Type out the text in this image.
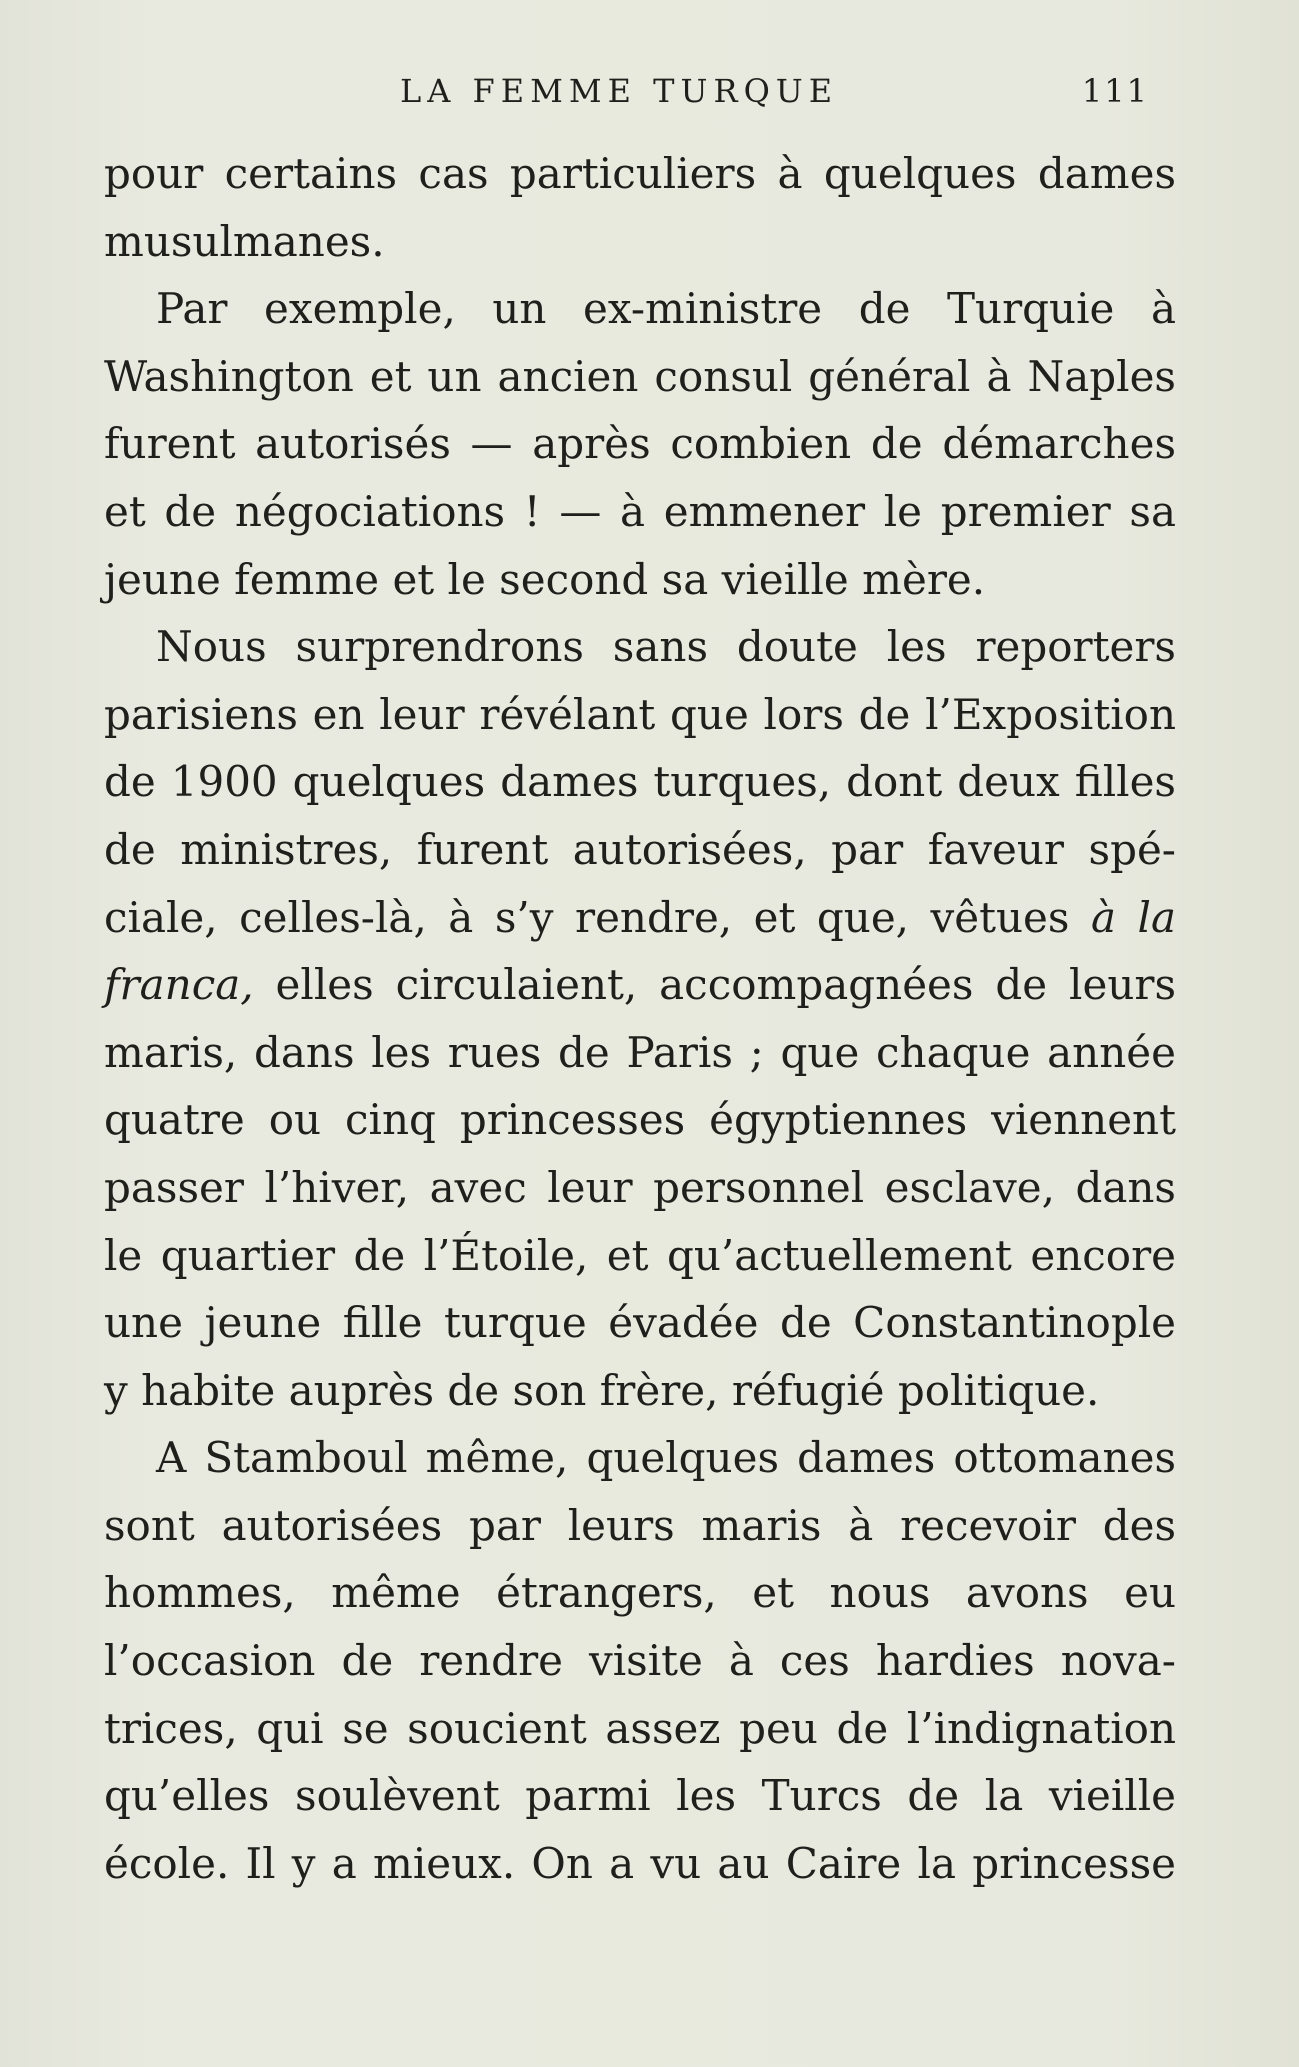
LA FEMME TURQUE	111
pour certains cas particuliers à quelques dames
musulmanes.
Par exemple, un ex-ministre de Turquie à
Washington et un ancien consul général à Naples
furent autorisés — après combien de démarches
et de négociations ! — à emmener le premier sa
jeune femme et le second sa vieille mère.
Nous surprendrons sans doute les reporters
parisiens en leur révélant que lors de l’Exposition
de 1900 quelques dames turques, dont deux filles
de ministres, furent autorisées, par faveur spé-
ciale, celles-là, à s’y rendre, et que, vêtues à la
franca, elles circulaient, accompagnées de leurs
maris, dans les rues de Paris ; que chaque année
quatre ou cinq princesses égyptiennes viennent
passer l’hiver, avec leur personnel esclave, dans
le quartier de l’Étoile, et qu’actuellement encore
une jeune fille turque évadée de Constantinople
y habite auprès de son frère, réfugié politique.
A Stamboul même, quelques dames ottomanes
sont autorisées par leurs maris à recevoir des
hommes, même étrangers, et nous avons eu
l’occasion de rendre visite à ces hardies nova-
trices, qui se soucient assez peu de l’indignation
qu’elles soulèvent parmi les Turcs de la vieille
école. Il y a mieux. On a vu au Caire la princesse
